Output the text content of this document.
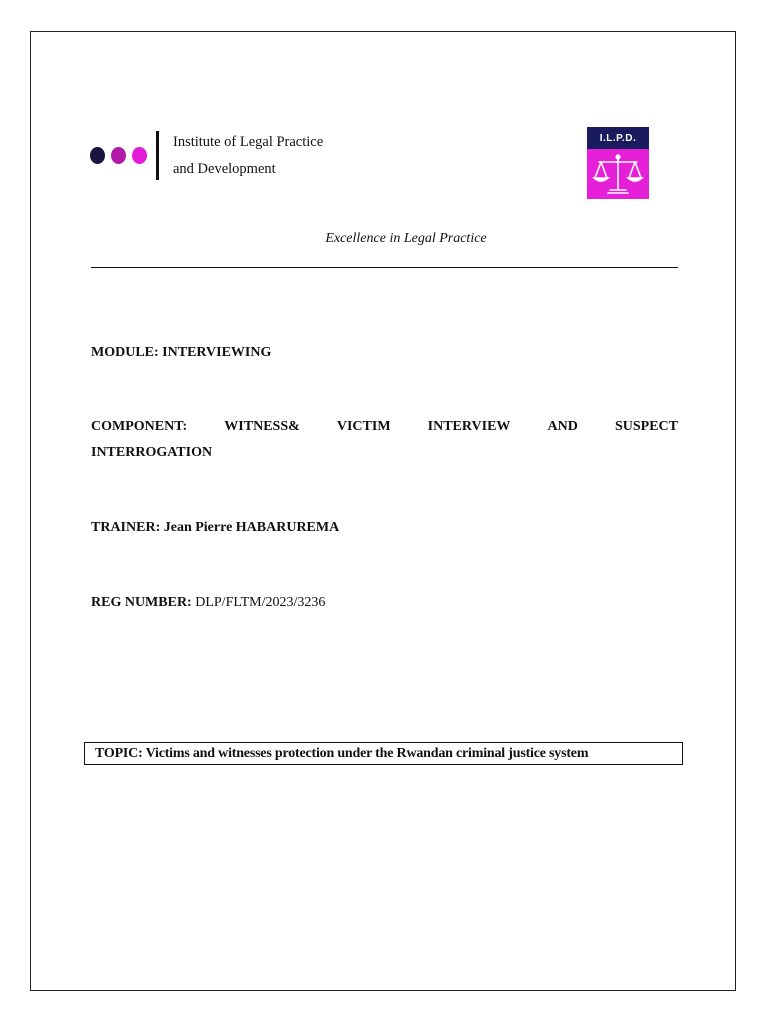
Institute of Legal Practice
and Development
I.L.P.D.
Excellence in Legal Practice
MODULE: INTERVIEWING
COMPONENT:	WITNESS&	VICTIM	INTERVIEW	AND	SUSPECT
INTERROGATION
TRAINER: Jean Pierre HABARUREMA
REG NUMBER: DLP/FLTM/2023/3236
TOPIC: Victims and witnesses protection under the Rwandan criminal justice system
